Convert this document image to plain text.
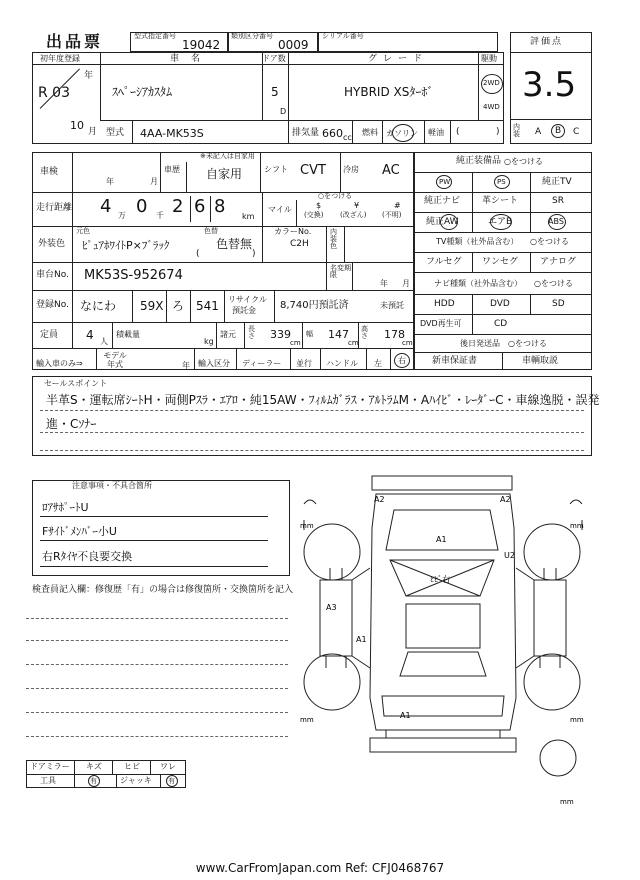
出品票	型式指定番号
19042
類別区分番号
0009
シリアル番号
評価点
3.5
内装	A B C
初年度登録
R 03
年
10 月
車名
ｽﾍﾟｰｼｱｶｽﾀﾑ
ドア数
5
D
グレード
HYBRID XSﾀｰﾎﾞ
駆動
2WD
4WD
型式 4AA-MK53S	排気量 660 cc
燃料 ガソリン 軽油 (	)
車検
年	月
※未記入は自家用
車歴 自家用	シフト CVT 冷房 AC
走行距離 4 万 0 千 2 6 8 km
○をつける
マイル	$
(交換)
¥
(改ざん)
#
(不明)
元色
外装色 ﾋﾟｭｱﾎﾜｲﾄP×ﾌﾞﾗｯｸ
色替
色替無
(	)
カラーNo.
C2H
内装色
車台No. MK53S-952674	名変期限
年 月
登録No. なにわ 59X ろ 541 リサイクル
預託金 8,740円預託済	未預託
定員 4 人
積載量
kg
諸元
長さ 339
cm
幅 147
cm
高さ 178
cm
輸入車のみ⇒
モデル年式	年 輸入区分 ディーラー 並行 ハンドル 左 右
純正装備品 ○をつける
PW	PS	純正TV
純正ナビ 革シート	SR
純正AW	エアB	ABS
TV種類（社外品含む） ○をつける
フルセグ ワンセグ アナログ
ナビ種類（社外品含む） ○をつける
HDD	DVD	SD
DVD再生可	CD
後日発送品 ○をつける
新車保証書	車輌取説
セールスポイント
半革S・運転席ｼｰﾄH・両側Pｽﾗ・ｴｱﾛ・純15AW・ﾌｨﾙﾑｶﾞﾗｽ・ｱﾙﾄﾗﾑM・Aﾊｲﾋﾞ・ﾚｰﾀﾞｰC・車線逸脱・誤発
進・Cｿﾅｰ
注意事項・不具合箇所
ﾛｱｻﾎﾟｰﾄU
Fｻｲﾄﾞﾒﾝﾊﾞｰ小U
右Rﾀｲﾔ不良要交換
検査員記入欄：修復歴「有」の場合は修復箇所・交換箇所を記入
ドアミラー キズ	ヒビ	ワレ
工具	有	ジャッキ 有
A2	A2
A1
U2
ﾋﾋﾞ右
A3
A1
A1
mm	mm
mm	mm
mm
www.CarFromJapan.com Ref: CFJ0468767
